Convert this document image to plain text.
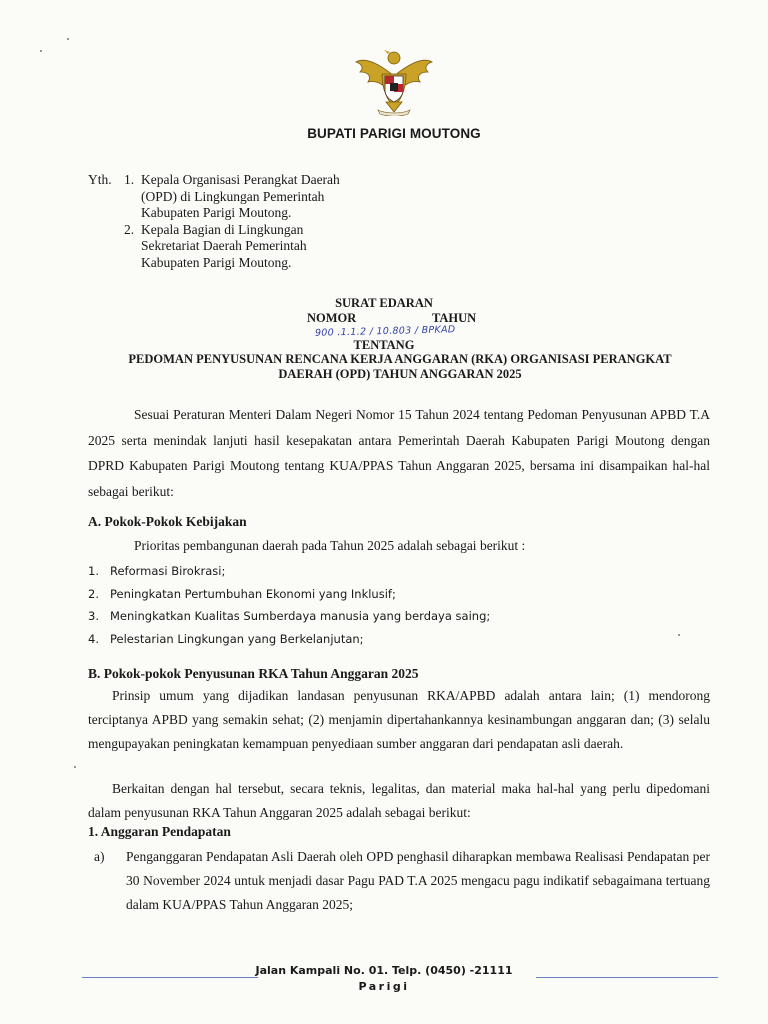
BUPATI PARIGI MOUTONG
Yth. 1. Kepala Organisasi Perangkat Daerah
(OPD) di Lingkungan Pemerintah
Kabupaten Parigi Moutong.
2. Kepala Bagian di Lingkungan
Sekretariat Daerah Pemerintah
Kabupaten Parigi Moutong.
SURAT EDARAN
NOMOR	TAHUN
900 .1.1.2 / 10.803 / BPKAD
TENTANG
PEDOMAN PENYUSUNAN RENCANA KERJA ANGGARAN (RKA) ORGANISASI PERANGKAT
DAERAH (OPD) TAHUN ANGGARAN 2025
Sesuai Peraturan Menteri Dalam Negeri Nomor 15 Tahun 2024 tentang Pedoman Penyusunan APBD T.A 2025 serta menindak lanjuti hasil kesepakatan antara Pemerintah Daerah Kabupaten Parigi Moutong dengan DPRD Kabupaten Parigi Moutong tentang KUA/PPAS Tahun Anggaran 2025, bersama ini disampaikan hal-hal sebagai berikut:
A. Pokok-Pokok Kebijakan
Prioritas pembangunan daerah pada Tahun 2025 adalah sebagai berikut :
1. Reformasi Birokrasi;
2. Peningkatan Pertumbuhan Ekonomi yang Inklusif;
3. Meningkatkan Kualitas Sumberdaya manusia yang berdaya saing;
4. Pelestarian Lingkungan yang Berkelanjutan;
B. Pokok-pokok Penyusunan RKA Tahun Anggaran 2025
Prinsip umum yang dijadikan landasan penyusunan RKA/APBD adalah antara lain; (1) mendorong terciptanya APBD yang semakin sehat; (2) menjamin dipertahankannya kesinambungan anggaran dan; (3) selalu mengupayakan peningkatan kemampuan penyediaan sumber anggaran dari pendapatan asli daerah.
Berkaitan dengan hal tersebut, secara teknis, legalitas, dan material maka hal-hal yang perlu dipedomani dalam penyusunan RKA Tahun Anggaran 2025 adalah sebagai berikut:
1. Anggaran Pendapatan
a) Penganggaran Pendapatan Asli Daerah oleh OPD penghasil diharapkan membawa Realisasi Pendapatan per 30 November 2024 untuk menjadi dasar Pagu PAD T.A 2025 mengacu pagu indikatif sebagaimana tertuang dalam KUA/PPAS Tahun Anggaran 2025;
Jalan Kampali No. 01. Telp. (0450) -21111
Parigi
